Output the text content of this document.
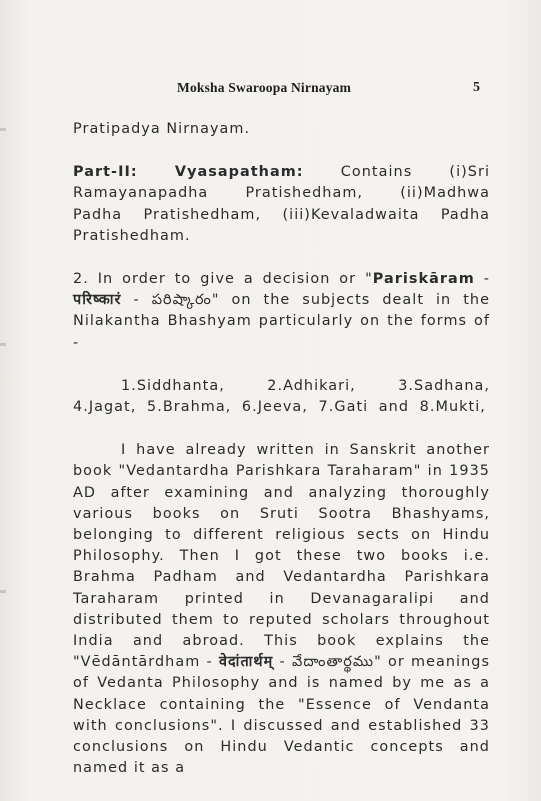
Moksha Swaroopa Nirnayam	5

Pratipadya Nirnayam.

Part-II:	Vyasapatham: Contains (i)Sri Ramayanapadha Pratishedham, (ii)Madhwa Padha Pratishedham, (iii)Kevaladwaita Padha Pratishedham.

2. In order to give a decision or "Pariskāram - परिष्कारं - పరిష్కారం" on the subjects dealt in the Nilakantha Bhashyam particularly on the forms of -

1.Siddhanta, 2.Adhikari, 3.Sadhana, 4.Jagat, 5.Brahma, 6.Jeeva, 7.Gati and 8.Mukti,

I have already written in Sanskrit another book "Vedantardha Parishkara Taraharam" in 1935 AD after examining and analyzing thoroughly various books on Sruti Sootra Bhashyams, belonging to different religious sects on Hindu Philosophy. Then I got these two books i.e. Brahma Padham and Vedantardha Parishkara Taraharam printed in Devanagaralipi and distributed them to reputed scholars throughout India and abroad. This book explains the "Vēdāntārdham - वेदांतार्थम् - వేదాంతార్థము" or meanings of Vedanta Philosophy and is named by me as a Necklace containing the "Essence of Vendanta with conclusions". I discussed and established 33 conclusions on Hindu Vedantic concepts and named it as a
